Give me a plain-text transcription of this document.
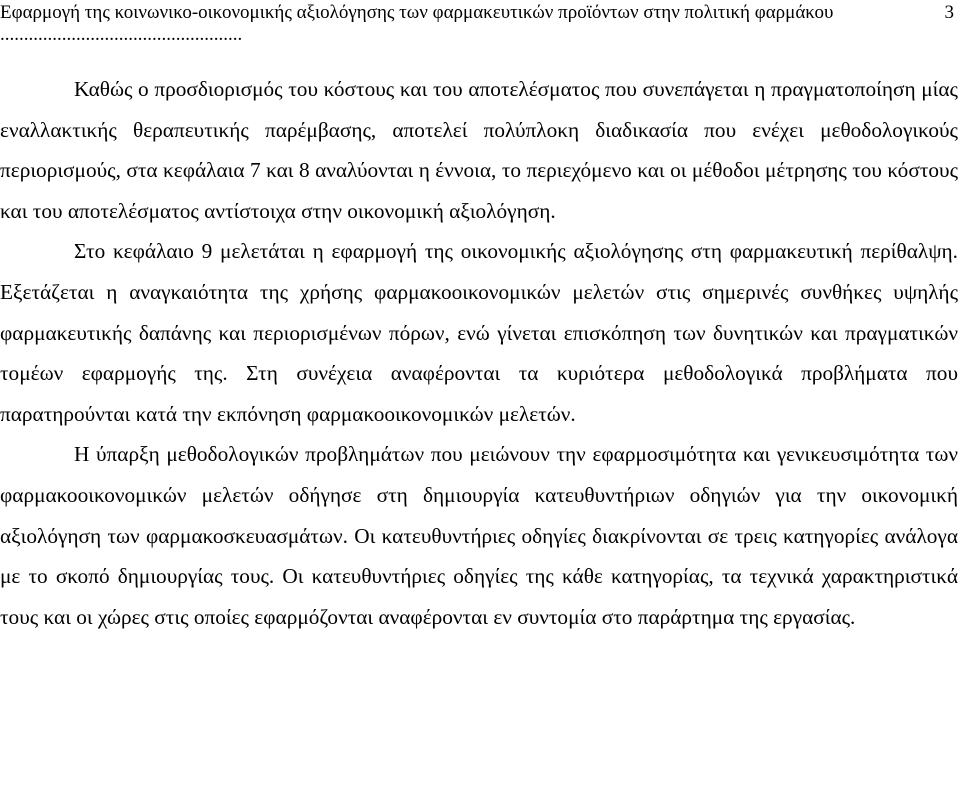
Εφαρμογή της κοινωνικο-οικονομικής αξιολόγησης των φαρμακευτικών προϊόντων στην πολιτική φαρμάκου ...................................................
3

Καθώς ο προσδιορισμός του κόστους και του αποτελέσματος που συνεπάγεται η πραγματοποίηση μίας εναλλακτικής θεραπευτικής παρέμβασης, αποτελεί πολύπλοκη διαδικασία που ενέχει μεθοδολογικούς περιορισμούς, στα κεφάλαια 7 και 8 αναλύονται η έννοια, το περιεχόμενο και οι μέθοδοι μέτρησης του κόστους και του αποτελέσματος αντίστοιχα στην οικονομική αξιολόγηση.

Στο κεφάλαιο 9 μελετάται η εφαρμογή της οικονομικής αξιολόγησης στη φαρμακευτική περίθαλψη. Εξετάζεται η αναγκαιότητα της χρήσης φαρμακοοικονομικών μελετών στις σημερινές συνθήκες υψηλής φαρμακευτικής δαπάνης και περιορισμένων πόρων, ενώ γίνεται επισκόπηση των δυνητικών και πραγματικών τομέων εφαρμογής της. Στη συνέχεια αναφέρονται τα κυριότερα μεθοδολογικά προβλήματα που παρατηρούνται κατά την εκπόνηση φαρμακοοικονομικών μελετών.

Η ύπαρξη μεθοδολογικών προβλημάτων που μειώνουν την εφαρμοσιμότητα και γενικευσιμότητα των φαρμακοοικονομικών μελετών οδήγησε στη δημιουργία κατευθυντήριων οδηγιών για την οικονομική αξιολόγηση των φαρμακοσκευασμάτων. Οι κατευθυντήριες οδηγίες διακρίνονται σε τρεις κατηγορίες ανάλογα με το σκοπό δημιουργίας τους. Οι κατευθυντήριες οδηγίες της κάθε κατηγορίας, τα τεχνικά χαρακτηριστικά τους και οι χώρες στις οποίες εφαρμόζονται αναφέρονται εν συντομία στο παράρτημα της εργασίας.
